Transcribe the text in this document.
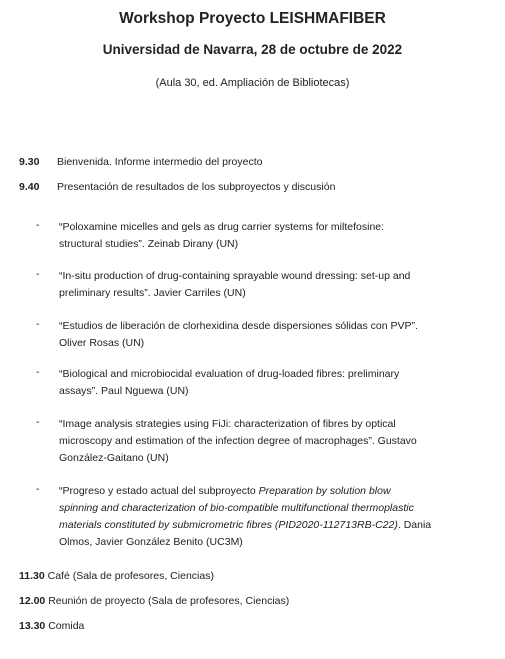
Workshop Proyecto LEISHMAFIBER
Universidad de Navarra, 28 de octubre de 2022
(Aula 30, ed. Ampliación de Bibliotecas)
9.30 Bienvenida. Informe intermedio del proyecto
9.40 Presentación de resultados de los subproyectos y discusión
- “Poloxamine micelles and gels as drug carrier systems for miltefosine:
structural studies”. Zeinab Dirany (UN)
- “In-situ production of drug-containing sprayable wound dressing: set-up and
preliminary results”. Javier Carriles (UN)
- “Estudios de liberación de clorhexidina desde dispersiones sólidas con PVP”.
Oliver Rosas (UN)
- “Biological and microbiocidal evaluation of drug-loaded fibres: preliminary
assays”. Paul Nguewa (UN)
- “Image analysis strategies using FiJi: characterization of fibres by optical
microscopy and estimation of the infection degree of macrophages”. Gustavo
González-Gaitano (UN)
- “Progreso y estado actual del subproyecto Preparation by solution blow
spinning and characterization of bio-compatible multifunctional thermoplastic
materials constituted by submicrometric fibres (PID2020-112713RB-C22). Dania
Olmos, Javier González Benito (UC3M)
11.30 Café (Sala de profesores, Ciencias)
12.00 Reunión de proyecto (Sala de profesores, Ciencias)
13.30 Comida
